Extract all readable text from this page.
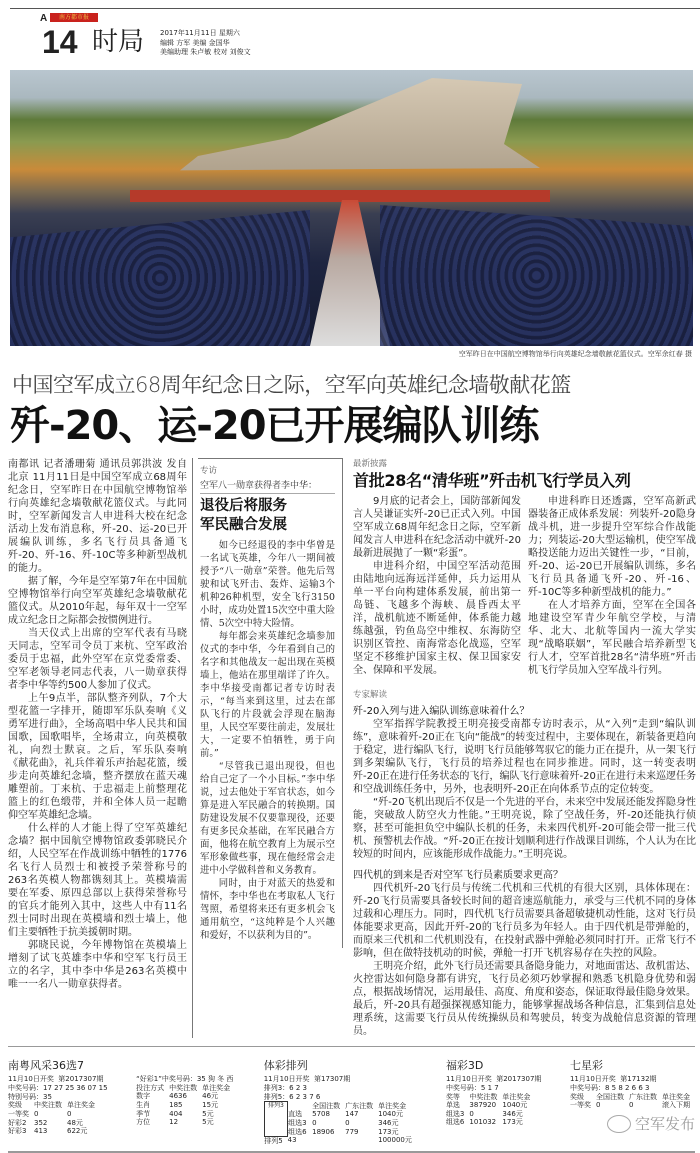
A	南方都市报
14 时局 2017年11月11日 星期六
编辑 方军 美编 金国华
美编助理 朱卢敏 校对 刘俊文
空军昨日在中国航空博物馆举行向英雄纪念墙敬献花篮仪式。空军余红春 摄
中国空军成立68周年纪念日之际，空军向英雄纪念墙敬献花篮
歼-20、运-20已开展编队训练

南都讯 记者潘珊菊 通讯员郭洪波 发自北京 11月11日是中国空军成立68周年纪念日，空军昨日在中国航空博物馆举行向英雄纪念墙敬献花篮仪式。与此同时，空军新闻发言人申进科大校在纪念活动上发布消息称，歼-20、运-20已开展编队训练，多名飞行员具备通飞歼-20、歼-16、歼-10C等多种新型战机的能力。

据了解，今年是空军第7年在中国航空博物馆举行向空军英雄纪念墙敬献花篮仪式。从2010年起，每年双十一空军成立纪念日之际都会按惯例进行。

当天仪式上出席的空军代表有马晓天同志，空军司令员丁来杭、空军政治委员于忠福，此外空军在京党委常委、空军老领导老同志代表，八一勋章获得者李中华等约500人参加了仪式。

上午9点半，部队整齐列队，7个大型花篮一字排开，随即军乐队奏响《义勇军进行曲》，全场高唱中华人民共和国国歌，国歌唱毕，全场肃立，向英模敬礼，向烈士默哀。之后，军乐队奏响《献花曲》，礼兵伴着乐声抬起花篮，缓步走向英雄纪念墙，整齐摆放在蓝天魂雕塑前。丁来杭、于忠福走上前整理花篮上的红色缎带，并和全体人员一起瞻仰空军英雄纪念墙。

什么样的人才能上得了空军英雄纪念墙？据中国航空博物馆政委郭晓民介绍，人民空军在作战训练中牺牲的1776名飞行人员烈士和被授予荣誉称号的263名英模人物都镌刻其上。英模墙需要在军委、原四总部以上获得荣誉称号的官兵才能列入其中，这些人中有11名烈士同时出现在英模墙和烈士墙上，他们主要牺牲于抗美援朝时期。

郭晓民说，今年博物馆在英模墙上增刻了试飞英雄李中华和空军飞行员王立的名字，其中李中华是263名英模中唯一一名八一勋章获得者。

专访
空军八一勋章获得者李中华：
退役后将服务
军民融合发展

如今已经退役的李中华曾是一名试飞英雄，今年八一期间被授予“八一勋章”荣誉。他先后驾驶和试飞歼击、轰炸、运输3个机种26种机型，安全飞行3150小时，成功处置15次空中重大险情、5次空中特大险情。

每年都会来英雄纪念墙参加仪式的李中华，今年看到自己的名字和其他战友一起出现在英模墙上，他站在那里端详了许久。李中华接受南都记者专访时表示，“每当来到这里，过去在部队飞行的片段就会浮现在脑海里，人民空军要往前走，发展壮大，一定要不怕牺牲，勇于向前。”

“尽管我已退出现役，但也给自己定了一个小目标。”李中华说，过去他处于军官状态，如今算是进入军民融合的转换期。国防建设发展不仅要靠现役，还要有更多民众基础，在军民融合方面，他将在航空教育上为展示空军形象做些事，现在他经常会走进中小学做科普和义务教育。

同时，由于对蓝天的热爱和情怀，李中华也在考取私人飞行驾照，希望将来还有更多机会飞通用航空，“这纯粹是个人兴趣和爱好，不以获利为目的”。

最新披露
首批28名“清华班”歼击机飞行学员入列

9月底的记者会上，国防部新闻发言人吴谦证实歼-20已正式入列。中国空军成立68周年纪念日之际，空军新闻发言人申进科在纪念活动中就歼-20最新进展抛了一颗“彩蛋”。

申进科介绍，中国空军活动范围由陆地向远海远洋延伸，兵力运用从单一平台向构建体系发展，前出第一岛链、飞越多个海峡、晨昏西太平洋，战机航迹不断延伸，体系能力越练越强，钓鱼岛空中维权、东海防空识别区管控、南海常态化战巡，空军坚定不移维护国家主权、保卫国家安全、保障和平发展。

申进科昨日还透露，空军高新武器装备正成体系发展：列装歼-20隐身战斗机，进一步提升空军综合作战能力；列装运-20大型运输机，使空军战略投送能力迈出关键性一步，“目前，歼-20、运-20已开展编队训练，多名飞行员具备通飞歼-20、歼-16、歼-10C等多种新型战机的能力。”

在人才培养方面，空军在全国各地建设空军青少年航空学校，与清华、北大、北航等国内一流大学实现“战略联姻”，军民融合培养新型飞行人才，空军首批28名“清华班”歼击机飞行学员加入空军战斗行列。

专家解读
歼-20入列与进入编队训练意味着什么？

空军指挥学院教授王明亮接受南都专访时表示，从“入列”走到“编队训练”，意味着歼-20正在飞向“能战”的转变过程中，主要体现在，新装备更趋向于稳定，进行编队飞行，说明飞行员能够驾驭它的能力正在提升，从一架飞行到多架编队飞行，飞行员的培养过程也在同步推进。同时，这一转变表明歼-20正在进行任务状态的飞行，编队飞行意味着歼-20正在进行未来巡逻任务和空战训练任务中，另外，也表明歼-20正在向体系节点的定位转变。

“歼-20飞机出现后不仅是一个先进的平台，未来空中发展还能发挥隐身性能，突破敌人防空火力性能。”王明亮说，除了空战任务，歼-20还能执行侦察，甚至可能担负空中编队长机的任务，未来四代机歼-20可能会带一批三代机、预警机去作战。“歼-20正在按计划顺利进行作战课目训练，个人认为在比较短的时间内，应该能形成作战能力。”王明亮说。

四代机的到来是否对空军飞行员素质要求更高？

四代机歼-20飞行员与传统二代机和三代机的有很大区别，具体体现在：歼-20飞行员需要具备较长时间的超音速巡航能力，承受与三代机不同的身体过载和心理压力。同时，四代机飞行员需要具备超敏捷机动性能，这对飞行员体能要求更高，因此开歼-20的飞行员多为年轻人。由于四代机是带弹舱的，而原来三代机和二代机则没有，在投射武器中弹舱必须同时打开。正常飞行不影响，但在做特技机动的时候，弹舱一打开飞机容易存在失控的风险。

王明亮介绍，此外飞行员还需要具备隐身能力，对地面雷达、敌机雷达、火控雷达如何隐身都有讲究，飞行员必须巧妙掌握和熟悉飞机隐身优势和弱点，根据战场情况，运用最佳、高度、角度和姿态，保证取得最佳隐身效果。最后，歼-20具有超强探视感知能力，能够掌握战场各种信息，汇集到信息处理系统，这需要飞行员从传统操纵员和驾驶员，转变为战舱信息资源的管理员。

南粤风采36选7
11月10日开奖 第2017307期
中奖号码：17 27 25 36 07 15
特别号码：35
奖级	中奖注数	单注奖金
一等奖	0	0
好彩2	352	48元
好彩3	413	622元
“好彩1”中奖号码：35 狗 冬 西
投注方式	中奖注数	单注奖金
数字	4636	46元
生肖	185	15元
季节	404	5元
方位	12	5元
体彩排列
11月10日开奖 第17307期
排列3：6 2 3
排列5：6 2 3 7 6
排列3		全国注数	广东注数	单注奖金
	直选	5708	147	1040元
	组选3	0	0	346元
	组选6	18906	779	173元
排列5	43			100000元
福彩3D
11月10日开奖 第2017307期
中奖号码：5 1 7
奖等	中奖注数	单注奖金
单选	387920	1040元
组选3	0	346元
组选6	101032	173元
七星彩
11月10日开奖 第17132期
中奖号码：8 5 8 2 6 6 3
奖级	全国注数	广东注数	单注奖金
一等奖	0	0	滚入下期
空军发布
